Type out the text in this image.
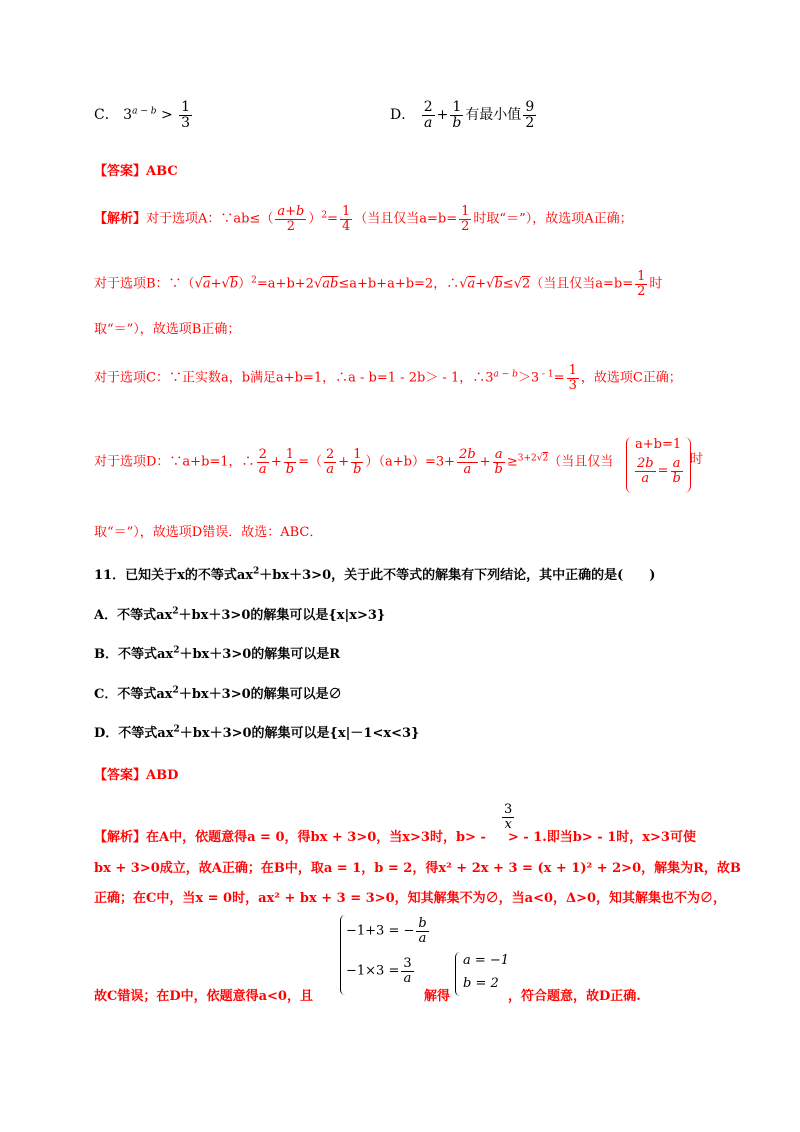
C． $3^{a - b} > \frac{1}{3}$	D． $\frac{2}{a} + \frac{1}{b}$ 有最小值 $\frac{9}{2}$
【答案】ABC
【解析】对于选项A：∵ab≤（ $\frac{a+b}{2} )^2= \frac{1}{4}$ （当且仅当$a=b= \frac{1}{2}$ 时取“＝”），故选项A正确；
对于选项B：$\because(√a+√b)^2=a+b+2√ab\le a+b+a+b=2$，∴√a+√b≤√2（当且仅当$a=b= \frac{1}{2}$ 时
取“＝”），故选项B正确；
对于选项C：∵正实数a，b满足a+b=1，∴a - b=1 - 2b＞ - 1，$\therefore 3^{a - b}>3$ $^{- 1}= \frac{1}{3}$ ，故选项C正确；
对于选项D：∵a+b=1，∴ $\frac{2}{a} + \frac{1}{b}$ =（ $\frac{2}{a} + \frac{1}{b} )(a+b)=3+ \frac{2b}{a} + \frac{a}{b} \ge^{3+2√2}$（当且仅当
a+b=1
$\frac{2b}{a} = \frac{a}{b}$ 时
取“＝”），故选项D错误．故选：ABC．
11．已知关于x的不等式$ax^2+bx+3>0$，关于此不等式的解集有下列结论，其中正确的是(　　)
A．不等式$ax^2+bx+3>0$的解集可以是{x|x>3}
B．不等式$ax^2+bx+3>0$的解集可以是R
C．不等式$ax^2+bx+3>0$的解集可以是∅
D．不等式$ax^2+bx+3>0$的解集可以是{x|－1<x<3}
【答案】ABD
$\frac{3}{x}$
【解析】在A中，依题意得a = 0，得bx + 3>0，当x>3时，b> - > - 1.即当b> - 1时，x>3可使
bx + 3>0成立，故A正确；在B中，取a = 1，b = 2，得x² + 2x + 3 = (x + 1)² + 2>0，解集为R，故B
正确；在C中，当x = 0时，ax² + bx + 3 = 3>0，知其解集不为∅，当a<0，Δ>0，知其解集也不为∅，
−1+3 = − $\frac{b}{a}$
$-1\times 3 = \frac{3}{a}$	a = −1
b = 2
故C错误；在D中，依题意得a<0，且	解得	，符合题意，故D正确.
